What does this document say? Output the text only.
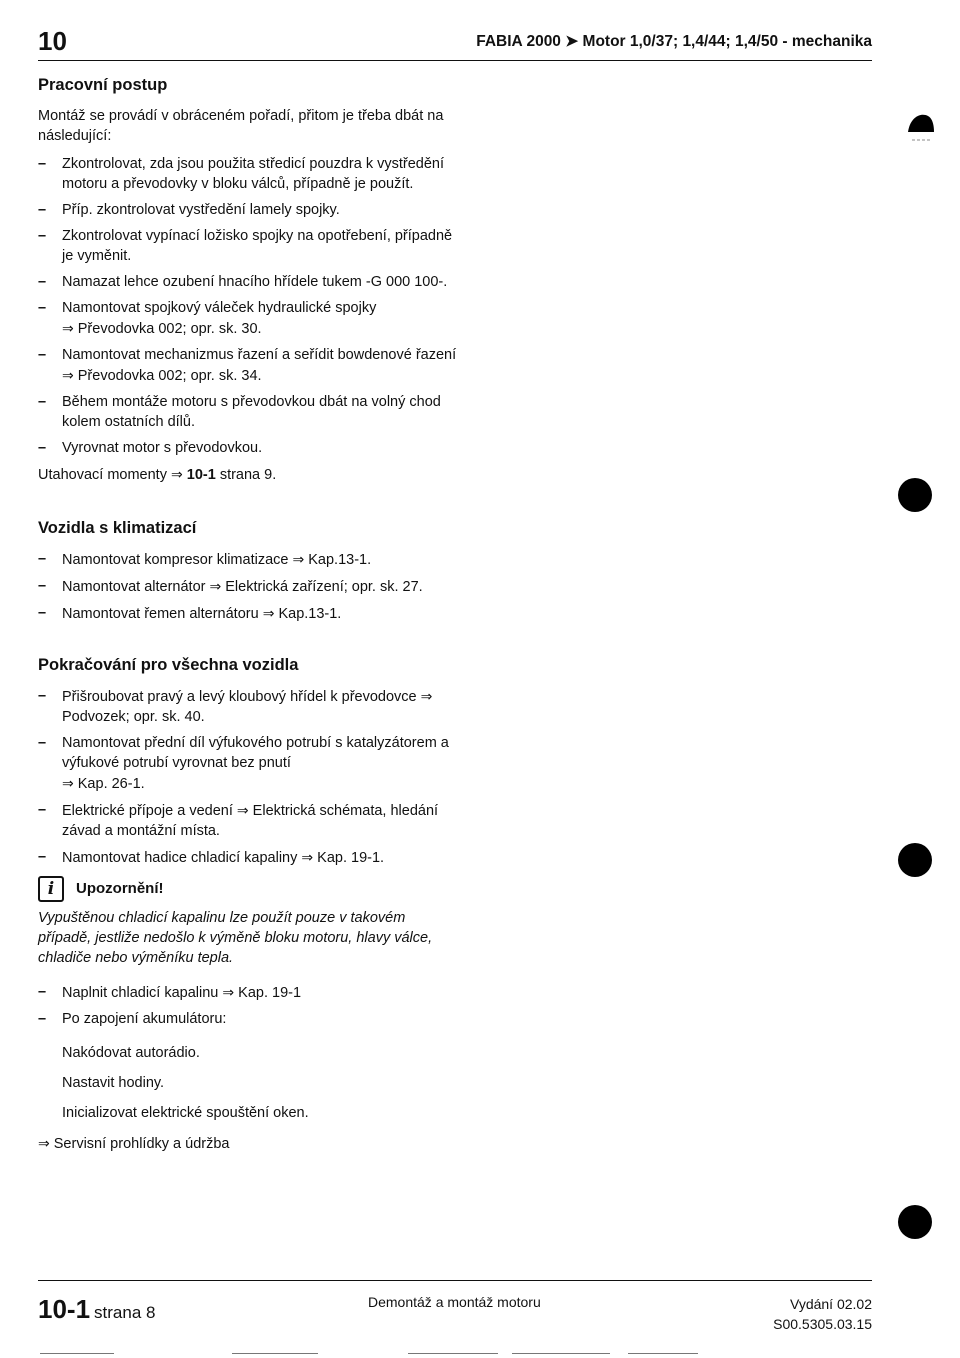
10	FABIA 2000 ➤ Motor 1,0/37; 1,4/44; 1,4/50 - mechanika
Pracovní postup

Montáž se provádí v obráceném pořadí, přitom je třeba dbát na následující:

– Zkontrolovat, zda jsou použita středicí pouzdra k vystředění motoru a převodovky v bloku válců, případně je použít.
– Příp. zkontrolovat vystředění lamely spojky.
– Zkontrolovat vypínací ložisko spojky na opotřebení, případně je vyměnit.
– Namazat lehce ozubení hnacího hřídele tukem -G 000 100-.
– Namontovat spojkový váleček hydraulické spojky
⇒ Převodovka 002; opr. sk. 30.
– Namontovat mechanizmus řazení a seřídit bowdenové řazení ⇒ Převodovka 002; opr. sk. 34.
– Během montáže motoru s převodovkou dbát na volný chod kolem ostatních dílů.
– Vyrovnat motor s převodovkou.

Utahovací momenty ⇒ 10-1 strana 9.

Vozidla s klimatizací
– Namontovat kompresor klimatizace ⇒ Kap.13-1.
– Namontovat alternátor ⇒ Elektrická zařízení; opr. sk. 27.
– Namontovat řemen alternátoru ⇒ Kap.13-1.
Pokračování pro všechna vozidla
– Přišroubovat pravý a levý kloubový hřídel k převodovce ⇒ Podvozek; opr. sk. 40.
– Namontovat přední díl výfukového potrubí s katalyzátorem a výfukové potrubí vyrovnat bez pnutí
⇒ Kap. 26-1.
– Elektrické přípoje a vedení ⇒ Elektrická schémata, hledání závad a montážní místa.
– Namontovat hadice chladicí kapaliny ⇒ Kap. 19-1.
i	Upozornění!

Vypuštěnou chladicí kapalinu lze použít pouze v takovém případě, jestliže nedošlo k výměně bloku motoru, hlavy válce, chladiče nebo výměníku tepla.

– Naplnit chladicí kapalinu ⇒ Kap. 19-1
– Po zapojení akumulátoru:

Nakódovat autorádio.

Nastavit hodiny.

Inicializovat elektrické spouštění oken.

⇒ Servisní prohlídky a údržba

10-1 strana 8
Demontáž a montáž motoru	Vydání 02.02
S00.5305.03.15
